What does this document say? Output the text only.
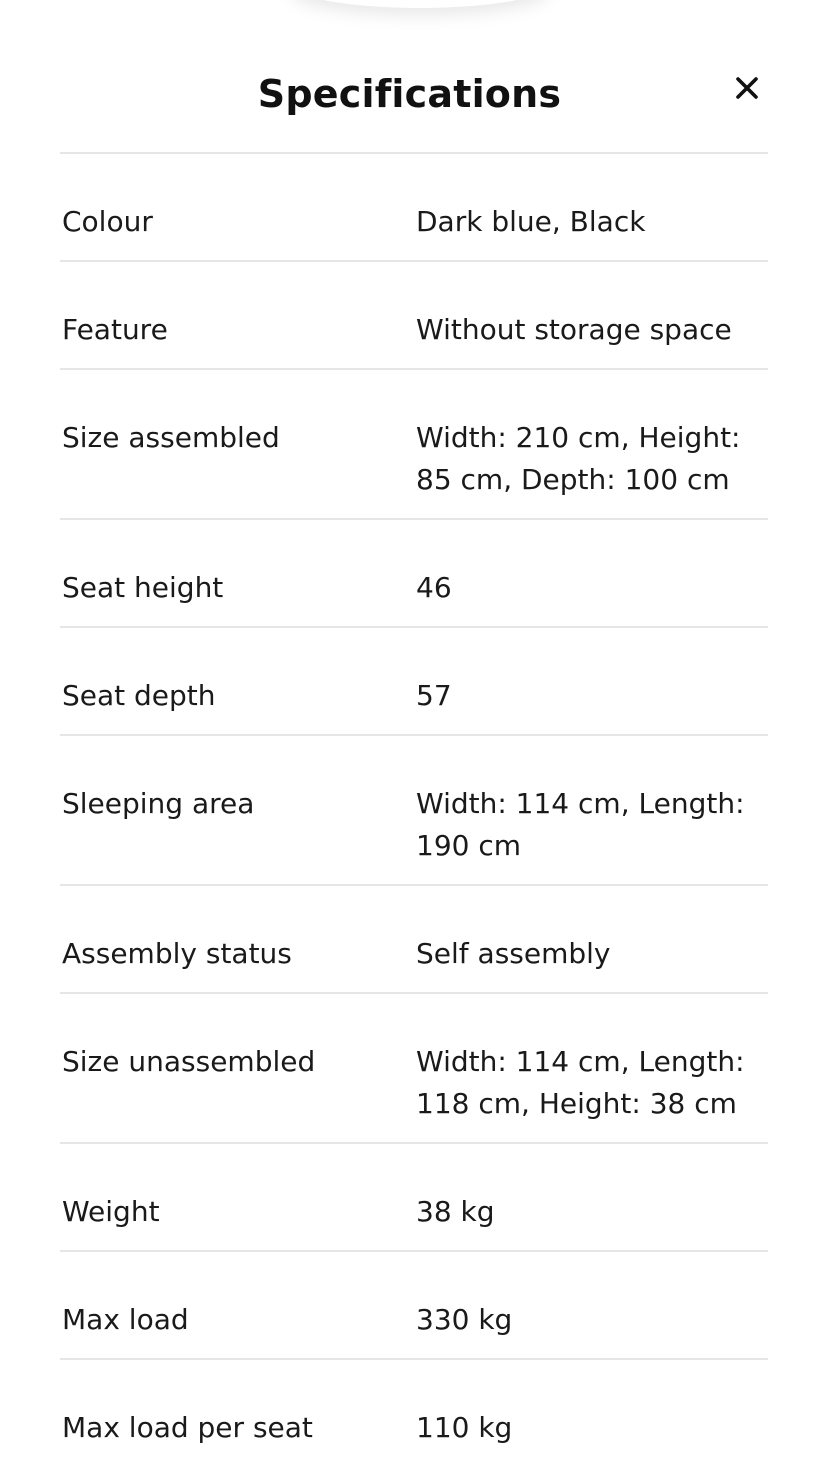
Specifications
Colour	Dark blue, Black
Feature	Without storage space
Size assembled	Width: 210 cm, Height: 85 cm, Depth: 100 cm
Seat height	46
Seat depth	57
Sleeping area	Width: 114 cm, Length: 190 cm
Assembly status	Self assembly
Size unassembled	Width: 114 cm, Length: 118 cm, Height: 38 cm
Weight	38 kg
Max load	330 kg
Max load per seat	110 kg
